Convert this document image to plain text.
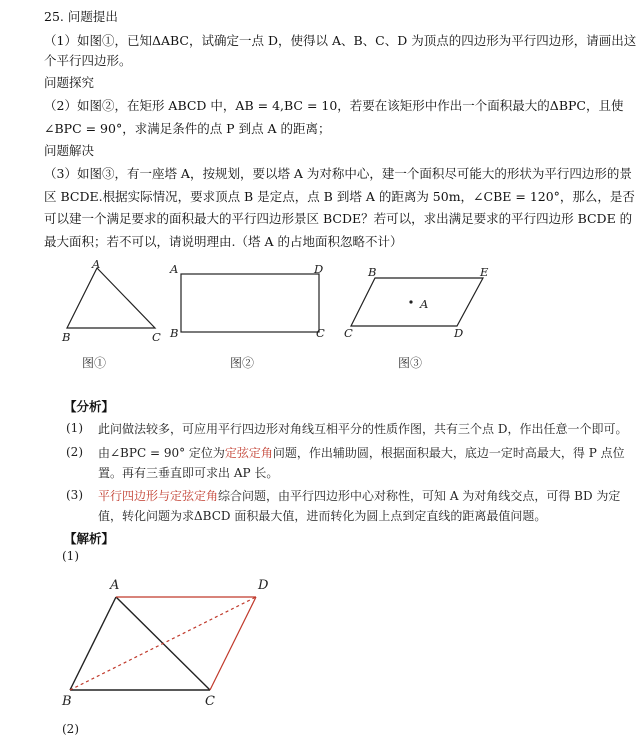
25. 问题提出
（1）如图①，已知ΔABC，试确定一点 D，使得以 A、B、C、D 为顶点的四边形为平行四边形，请画出这
个平行四边形。
问题探究
（2）如图②，在矩形 ABCD 中，AB = 4,BC = 10，若要在该矩形中作出一个面积最大的ΔBPC，且使
∠BPC = 90°，求满足条件的点 P 到点 A 的距离；
问题解决
（3）如图③，有一座塔 A，按规划，要以塔 A 为对称中心，建一个面积尽可能大的形状为平行四边形的景
区 BCDE.根据实际情况，要求顶点 B 是定点，点 B 到塔 A 的距离为 50m，∠CBE = 120°，那么，是否
可以建一个满足要求的面积最大的平行四边形景区 BCDE？若可以，求出满足要求的平行四边形 BCDE 的
最大面积；若不可以，请说明理由.（塔 A 的占地面积忽略不计）
A
B	C
图①
A	D
B	C
图②
B	E
A
C	D
图③
【分析】
(1) 此问做法较多，可应用平行四边形对角线互相平分的性质作图，共有三个点 D，作出任意一个即可。
(2) 由∠BPC = 90° 定位为定弦定角问题，作出辅助圆，根据面积最大，底边一定时高最大，得 P 点位
置。再有三垂直即可求出 AP 长。
(3) 平行四边形与定弦定角综合问题，由平行四边形中心对称性，可知 A 为对角线交点，可得 BD 为定
值，转化问题为求ΔBCD 面积最大值，进而转化为圆上点到定直线的距离最值问题。
【解析】
(1)
A	D
B	C
(2)
